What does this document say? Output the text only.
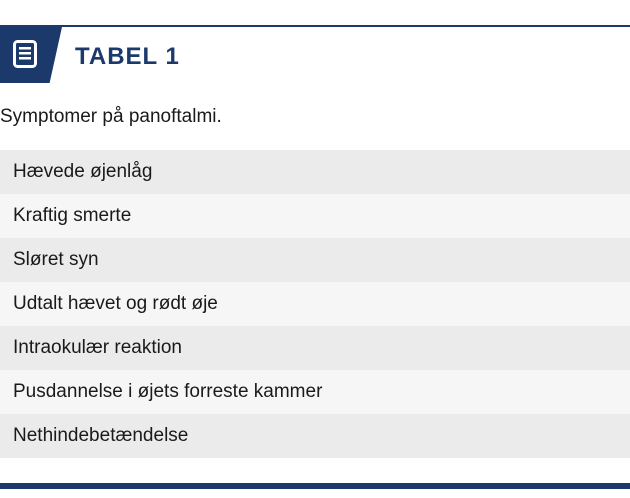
TABEL 1
Symptomer på panoftalmi.
Hævede øjenlåg
Kraftig smerte
Sløret syn
Udtalt hævet og rødt øje
Intraokulær reaktion
Pusdannelse i øjets forreste kammer
Nethindebetændelse
